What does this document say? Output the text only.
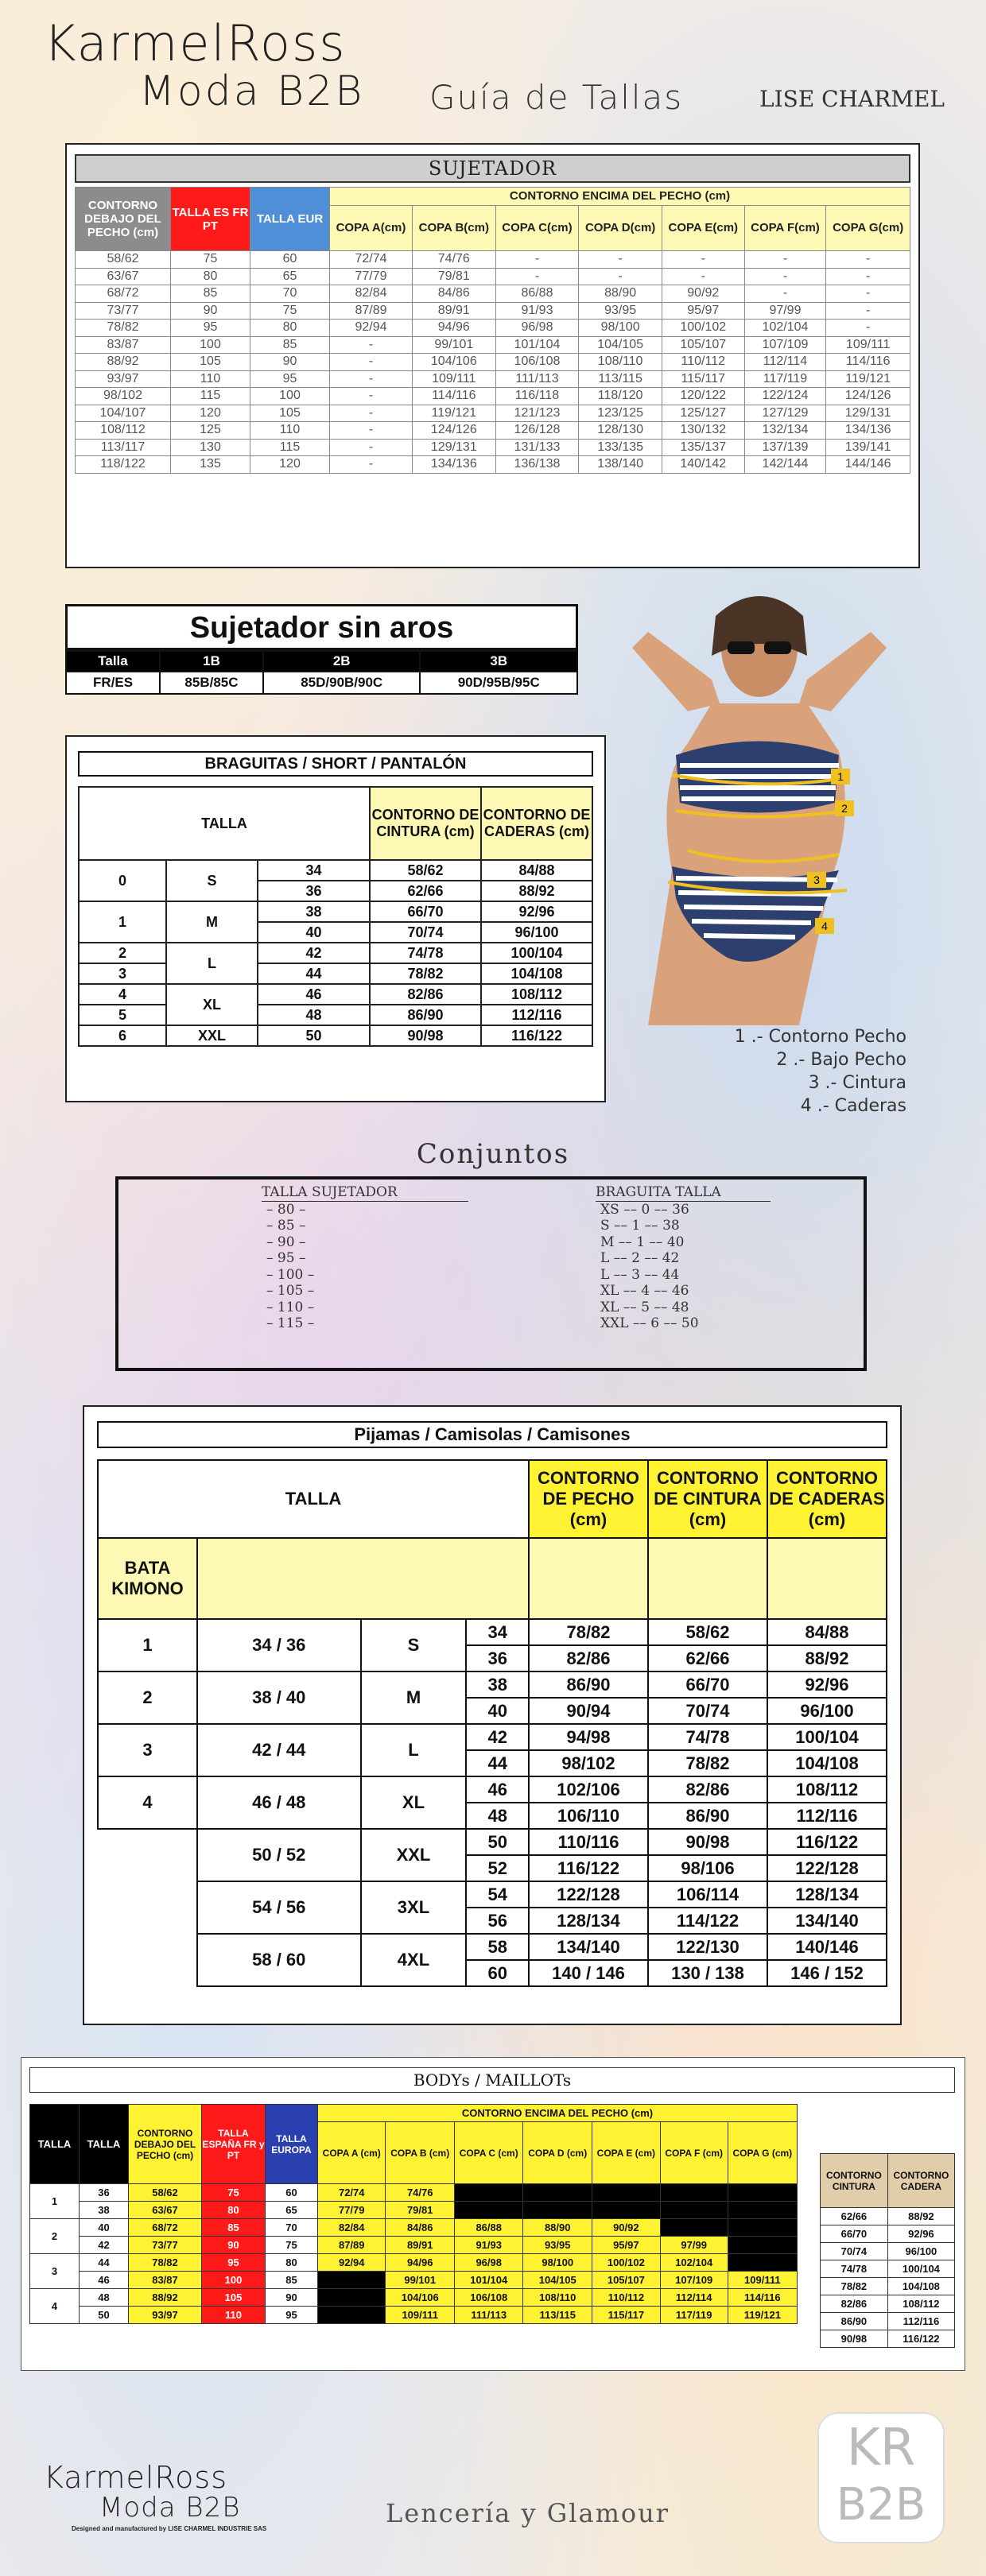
KarmelRoss
Moda B2B Guía de Tallas	LISE CHARMEL
SUJETADOR
CONTORNO DEBAJO DEL PECHO (cm)	TALLA ES FR PT	TALLA EUR	CONTORNO ENCIMA DEL PECHO (cm)						
			COPA A(cm)	COPA B(cm)	COPA C(cm)	COPA D(cm)	COPA E(cm)	COPA F(cm)	COPA G(cm)
58/62	75	60	72/74	74/76	-	-	-	-	-
63/67	80	65	77/79	79/81	-	-	-	-	-
68/72	85	70	82/84	84/86	86/88	88/90	90/92	-	-
73/77	90	75	87/89	89/91	91/93	93/95	95/97	97/99	-
78/82	95	80	92/94	94/96	96/98	98/100	100/102	102/104	-
83/87	100	85	-	99/101	101/104	104/105	105/107	107/109	109/111
88/92	105	90	-	104/106	106/108	108/110	110/112	112/114	114/116
93/97	110	95	-	109/111	111/113	113/115	115/117	117/119	119/121
98/102	115	100	-	114/116	116/118	118/120	120/122	122/124	124/126
104/107	120	105	-	119/121	121/123	123/125	125/127	127/129	129/131
108/112	125	110	-	124/126	126/128	128/130	130/132	132/134	134/136
113/117	130	115	-	129/131	131/133	133/135	135/137	137/139	139/141
118/122	135	120	-	134/136	136/138	138/140	140/142	142/144	144/146
Sujetador sin aros
Talla	1B	2B	3B
FR/ES	85B/85C	85D/90B/90C	90D/95B/95C
BRAGUITAS / SHORT / PANTALÓN
TALLA			CONTORNO DE CINTURA (cm)	CONTORNO DE CADERAS (cm)
0	S	34	58/62	84/88
		36	62/66	88/92
1	M	38	66/70	92/96
		40	70/74	96/100
2	L	42	74/78	100/104
3		44	78/82	104/108
4	XL	46	82/86	108/112
5		48	86/90	112/116
6	XXL	50	90/98	116/122
1
2
3
4
1 .- Contorno Pecho
2 .- Bajo Pecho
3 .- Cintura
4 .- Caderas
Conjuntos
TALLA SUJETADOR
– 80 –
– 85 –
– 90 –
– 95 –
– 100 –
– 105 –
– 110 –
– 115 –
BRAGUITA TALLA
XS –– 0 –– 36
S –– 1 –– 38
M –– 1 –– 40
L –– 2 –– 42
L –– 3 –– 44
XL –– 4 –– 46
XL –– 5 –– 48
XXL –– 6 –– 50
Pijamas / Camisolas / Camisones
TALLA				CONTORNO DE PECHO (cm)	CONTORNO DE CINTURA (cm)	CONTORNO DE CADERAS (cm)
BATA KIMONO						
1	34 / 36	S	34	78/82	58/62	84/88
			36	82/86	62/66	88/92
2	38 / 40	M	38	86/90	66/70	92/96
			40	90/94	70/74	96/100
3	42 / 44	L	42	94/98	74/78	100/104
			44	98/102	78/82	104/108
4	46 / 48	XL	46	102/106	82/86	108/112
			48	106/110	86/90	112/116
	50 / 52	XXL	50	110/116	90/98	116/122
			52	116/122	98/106	122/128
	54 / 56	3XL	54	122/128	106/114	128/134
			56	128/134	114/122	134/140
	58 / 60	4XL	58	134/140	122/130	140/146
			60	140 / 146	130 / 138	146 / 152
BODYs / MAILLOTs
TALLA	TALLA	CONTORNO DEBAJO DEL PECHO (cm)	TALLA ESPAÑA FR y PT	TALLA EUROPA	CONTORNO ENCIMA DEL PECHO (cm)						
					COPA A (cm)	COPA B (cm)	COPA C (cm)	COPA D (cm)	COPA E (cm)	COPA F (cm)	COPA G (cm)
1	36	58/62	75	60	72/74	74/76					
	38	63/67	80	65	77/79	79/81					
2	40	68/72	85	70	82/84	84/86	86/88	88/90	90/92		
	42	73/77	90	75	87/89	89/91	91/93	93/95	95/97	97/99	
3	44	78/82	95	80	92/94	94/96	96/98	98/100	100/102	102/104	
	46	83/87	100	85		99/101	101/104	104/105	105/107	107/109	109/111
4	48	88/92	105	90		104/106	106/108	108/110	110/112	112/114	114/116
	50	93/97	110	95		109/111	111/113	113/115	115/117	117/119	119/121
CONTORNO CINTURA	CONTORNO CADERA
62/66	88/92
66/70	92/96
70/74	96/100
74/78	100/104
78/82	104/108
82/86	108/112
86/90	112/116
90/98	116/122
KarmelRoss
Moda B2B
Designed and manufactured by LISE CHARMEL INDUSTRIE SAS
Lencería y Glamour
KR
B2B
